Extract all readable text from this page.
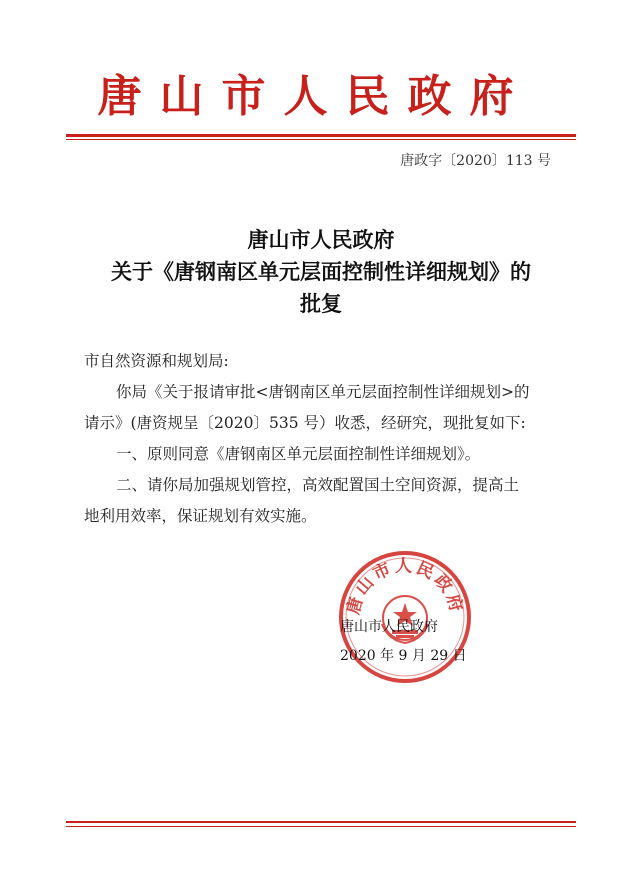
唐山市人民政府
唐政字〔2020〕113 号
唐山市人民政府
关于《唐钢南区单元层面控制性详细规划》的
批复
市自然资源和规划局:
你局《关于报请审批<唐钢南区单元层面控制性详细规划>的
请示》(唐资规呈〔2020〕535 号）收悉，经研究，现批复如下:
一、原则同意《唐钢南区单元层面控制性详细规划》。
二、请你局加强规划管控，高效配置国土空间资源，提高土
地利用效率，保证规划有效实施。
唐山市人民政府
唐山市人民政府
2020 年 9 月 29 日
